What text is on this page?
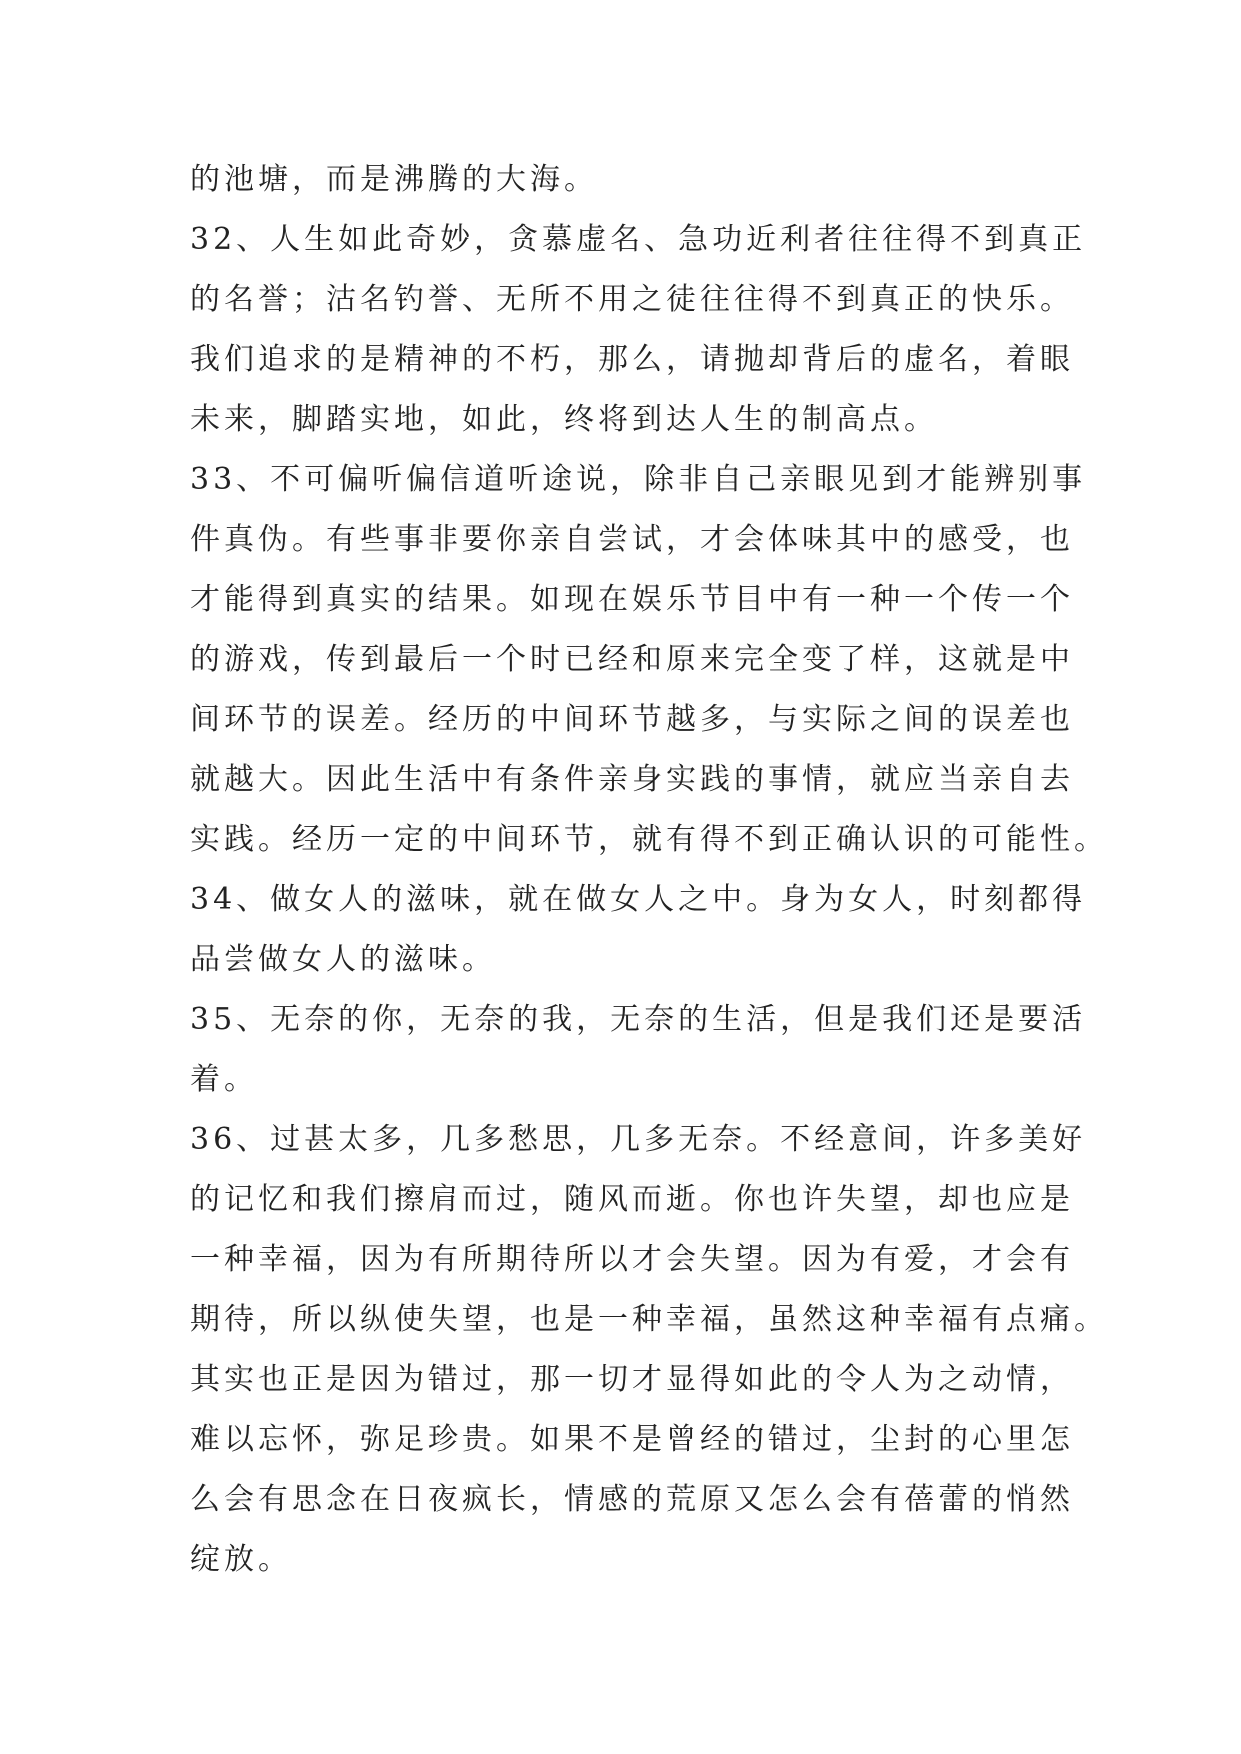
的池塘，而是沸腾的大海。
32、人生如此奇妙，贪慕虚名、急功近利者往往得不到真正
的名誉；沽名钓誉、无所不用之徒往往得不到真正的快乐。
我们追求的是精神的不朽，那么，请抛却背后的虚名，着眼
未来，脚踏实地，如此，终将到达人生的制高点。
33、不可偏听偏信道听途说，除非自己亲眼见到才能辨别事
件真伪。有些事非要你亲自尝试，才会体味其中的感受，也
才能得到真实的结果。如现在娱乐节目中有一种一个传一个
的游戏，传到最后一个时已经和原来完全变了样，这就是中
间环节的误差。经历的中间环节越多，与实际之间的误差也
就越大。因此生活中有条件亲身实践的事情，就应当亲自去
实践。经历一定的中间环节，就有得不到正确认识的可能性。
34、做女人的滋味，就在做女人之中。身为女人，时刻都得
品尝做女人的滋味。
35、无奈的你，无奈的我，无奈的生活，但是我们还是要活
着。
36、过甚太多，几多愁思，几多无奈。不经意间，许多美好
的记忆和我们擦肩而过，随风而逝。你也许失望，却也应是
一种幸福，因为有所期待所以才会失望。因为有爱，才会有
期待，所以纵使失望，也是一种幸福，虽然这种幸福有点痛。
其实也正是因为错过，那一切才显得如此的令人为之动情，
难以忘怀，弥足珍贵。如果不是曾经的错过，尘封的心里怎
么会有思念在日夜疯长，情感的荒原又怎么会有蓓蕾的悄然
绽放。
